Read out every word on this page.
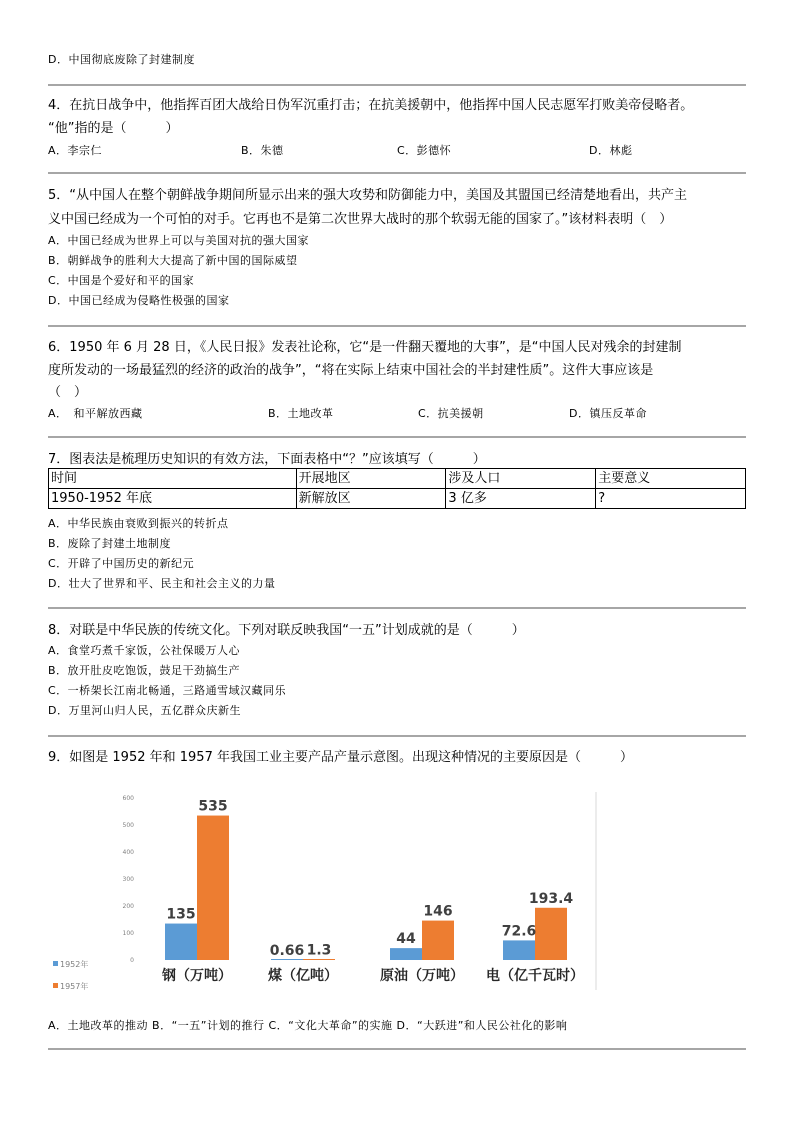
D．中国彻底废除了封建制度
4．在抗日战争中，他指挥百团大战给日伪军沉重打击；在抗美援朝中，他指挥中国人民志愿军打败美帝侵略者。
“他”指的是（　　　）
A．李宗仁	B．朱德	C．彭德怀	D．林彪
5．“从中国人在整个朝鲜战争期间所显示出来的强大攻势和防御能力中，美国及其盟国已经清楚地看出，共产主
义中国已经成为一个可怕的对手。它再也不是第二次世界大战时的那个软弱无能的国家了。”该材料表明（　）
A．中国已经成为世界上可以与美国对抗的强大国家
B．朝鲜战争的胜利大大提高了新中国的国际威望
C．中国是个爱好和平的国家
D．中国已经成为侵略性极强的国家
6．1950 年 6 月 28 日，《人民日报》发表社论称，它“是一件翻天覆地的大事”，是“中国人民对残余的封建制
度所发动的一场最猛烈的经济的政治的战争”，“将在实际上结束中国社会的半封建性质”。这件大事应该是
（　）
A．　和平解放西藏	B．土地改革	C．抗美援朝	D．镇压反革命
7．图表法是梳理历史知识的有效方法，下面表格中“？”应该填写（　　　）
时间	开展地区	涉及人口	主要意义
1950-1952 年底	新解放区	3 亿多	?
A．中华民族由衰败到振兴的转折点
B．废除了封建土地制度
C．开辟了中国历史的新纪元
D．壮大了世界和平、民主和社会主义的力量
8．对联是中华民族的传统文化。下列对联反映我国“一五”计划成就的是（　　　）
A．食堂巧煮千家饭，公社保暖万人心
B．放开肚皮吃饱饭，鼓足干劲搞生产
C．一桥架长江南北畅通，三路通雪域汉藏同乐
D．万里河山归人民，五亿群众庆新生
9．如图是 1952 年和 1957 年我国工业主要产品产量示意图。出现这种情况的主要原因是（　　　）
0
100
200
300
400
500
600
135
535
0.66 1.3
44
146
72.6
193.4
钢（万吨）	煤（亿吨）	原油（万吨） 电（亿千瓦时）
1952年
1957年
A．土地改革的推动 B．“一五”计划的推行 C．“文化大革命”的实施 D．“大跃进”和人民公社化的影响
